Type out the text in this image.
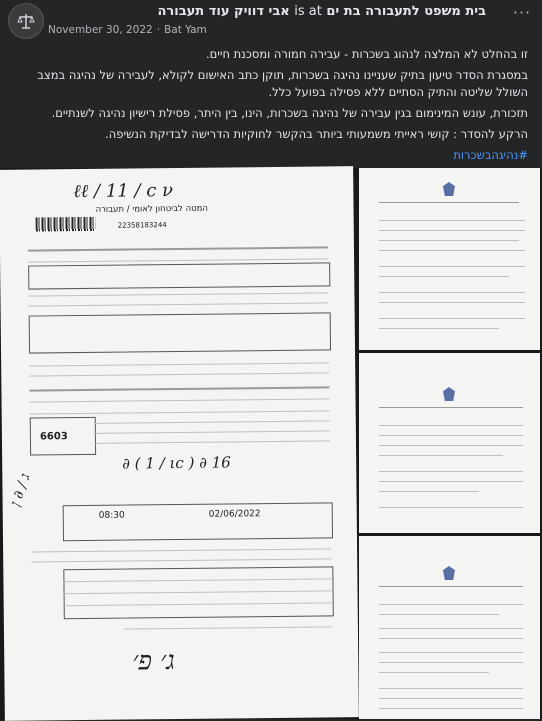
בית משפט לתעבורה בת ים is at אבי דוויק עוד תעבורה
November 30, 2022 · Bat Yam
···

זו בהחלט לא המלצה לנהוג בשכרות - עבירה חמורה ומסכנת חיים.

במסגרת הסדר טיעון בתיק שעניינו נהיגה בשכרות, תוקן כתב האישום לקולא, לעבירה של נהיגה במצב השולל שליטה והתיק הסתיים ללא פסילה בפועל כלל.

תזכורת, עונש המינימום בגין עבירה של נהיגה בשכרות, הינו, בין היתר, פסילת רישיון נהיגה לשנתיים.

הרקע להסדר : קושי ראייתי משמעותי ביותר בהקשר לחוקיות הדרישה לבדיקת הנשיפה.

#נהיגהבשכרות

22358183244
המטה לביטחון לאומי / תעבורה
ℓℓ ∕ 11 ∕ c ν
6603
∂ ( 1 ∕ ιc ) ∂ 16
ג ∕ ∂ ן
08:30	02/06/2022
ג׳ פ׳
